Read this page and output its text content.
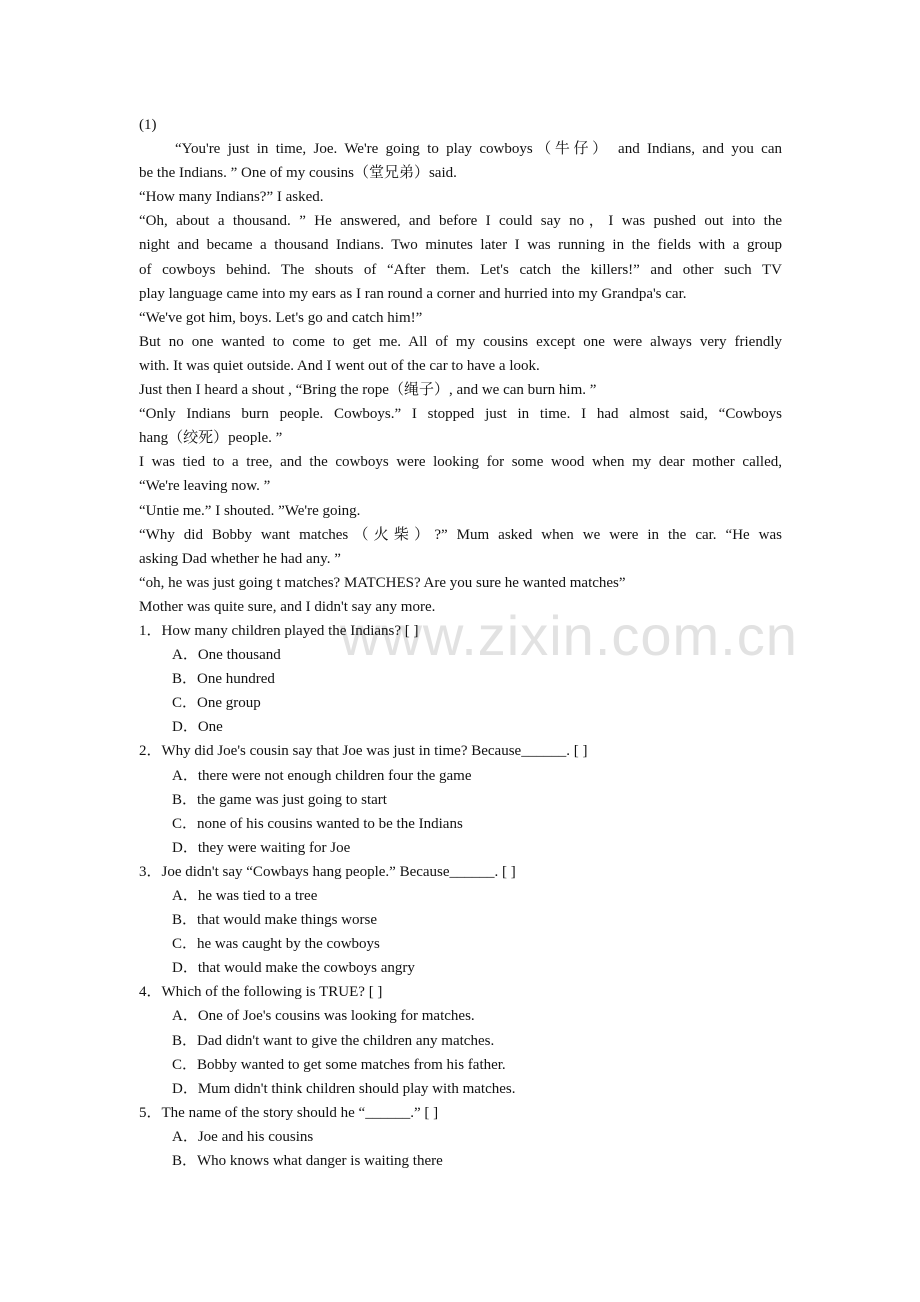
www.zixin.com.cn
(1)
“You're just in time, Joe. We're going to play cowboys（牛仔） and Indians, and you can
be the Indians. ” One of my cousins（堂兄弟）said.
“How many Indians?” I asked.
“Oh, about a thousand. ” He answered, and before I could say no，I was pushed out into the
night and became a thousand Indians. Two minutes later I was running in the fields with a group
of cowboys behind. The shouts of “After them. Let's catch the killers!” and other such TV
play language came into my ears as I ran round a corner and hurried into my Grandpa's car.
“We've got him, boys. Let's go and catch him!”
But no one wanted to come to get me. All of my cousins except one were always very friendly
with. It was quiet outside. And I went out of the car to have a look.
Just then I heard a shout , “Bring the rope（绳子）, and we can burn him. ”
“Only Indians burn people. Cowboys.” I stopped just in time. I had almost said, “Cowboys
hang（绞死）people. ”
I was tied to a tree, and the cowboys were looking for some wood when my dear mother called,
“We're leaving now. ”
“Untie me.” I shouted. ”We're going.
“Why did Bobby want matches（火柴）?” Mum asked when we were in the car. “He was
asking Dad whether he had any. ”
“oh, he was just going t matches? MATCHES? Are you sure he wanted matches”
Mother was quite sure, and I didn't say any more.
1．How many children played the Indians? [ ]
A．One thousand
B．One hundred
C．One group
D．One
2．Why did Joe's cousin say that Joe was just in time? Because______. [ ]
A．there were not enough children four the game
B．the game was just going to start
C．none of his cousins wanted to be the Indians
D．they were waiting for Joe
3．Joe didn't say “Cowbays hang people.” Because______. [ ]
A．he was tied to a tree
B．that would make things worse
C．he was caught by the cowboys
D．that would make the cowboys angry
4．Which of the following is TRUE? [ ]
A．One of Joe's cousins was looking for matches.
B．Dad didn't want to give the children any matches.
C．Bobby wanted to get some matches from his father.
D．Mum didn't think children should play with matches.
5．The name of the story should he “______.” [ ]
A．Joe and his cousins
B．Who knows what danger is waiting there
